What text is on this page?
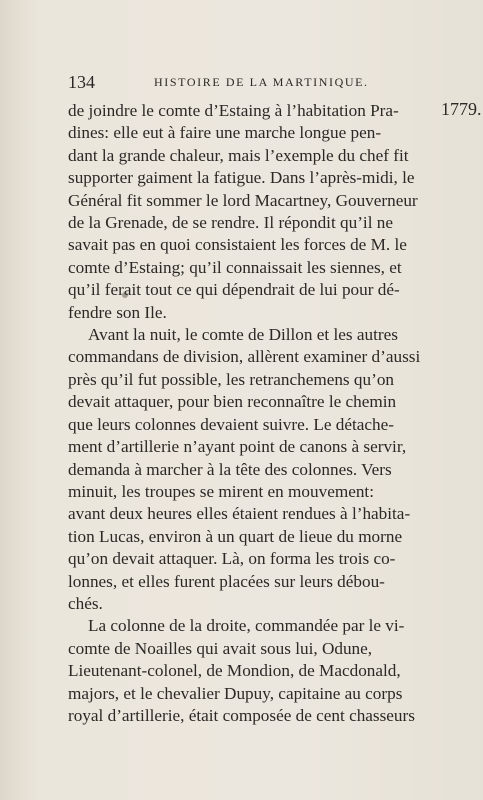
134	HISTOIRE DE LA MARTINIQUE.
1779.

de joindre le comte d’Estaing à l’habitation Pra-
dines: elle eut à faire une marche longue pen-
dant la grande chaleur, mais l’exemple du chef fit
supporter gaiment la fatigue. Dans l’après-midi, le
Général fit sommer le lord Macartney, Gouverneur
de la Grenade, de se rendre. Il répondit qu’il ne
savait pas en quoi consistaient les forces de M. le
comte d’Estaing; qu’il connaissait les siennes, et
qu’il ferait tout ce qui dépendrait de lui pour dé-
fendre son Ile.

Avant la nuit, le comte de Dillon et les autres
commandans de division, allèrent examiner d’aussi
près qu’il fut possible, les retranchemens qu’on
devait attaquer, pour bien reconnaître le chemin
que leurs colonnes devaient suivre. Le détache-
ment d’artillerie n’ayant point de canons à servir,
demanda à marcher à la tête des colonnes. Vers
minuit, les troupes se mirent en mouvement:
avant deux heures elles étaient rendues à l’habita-
tion Lucas, environ à un quart de lieue du morne
qu’on devait attaquer. Là, on forma les trois co-
lonnes, et elles furent placées sur leurs débou-
chés.

La colonne de la droite, commandée par le vi-
comte de Noailles qui avait sous lui, Odune,
Lieutenant-colonel, de Mondion, de Macdonald,
majors, et le chevalier Dupuy, capitaine au corps
royal d’artillerie, était composée de cent chasseurs
